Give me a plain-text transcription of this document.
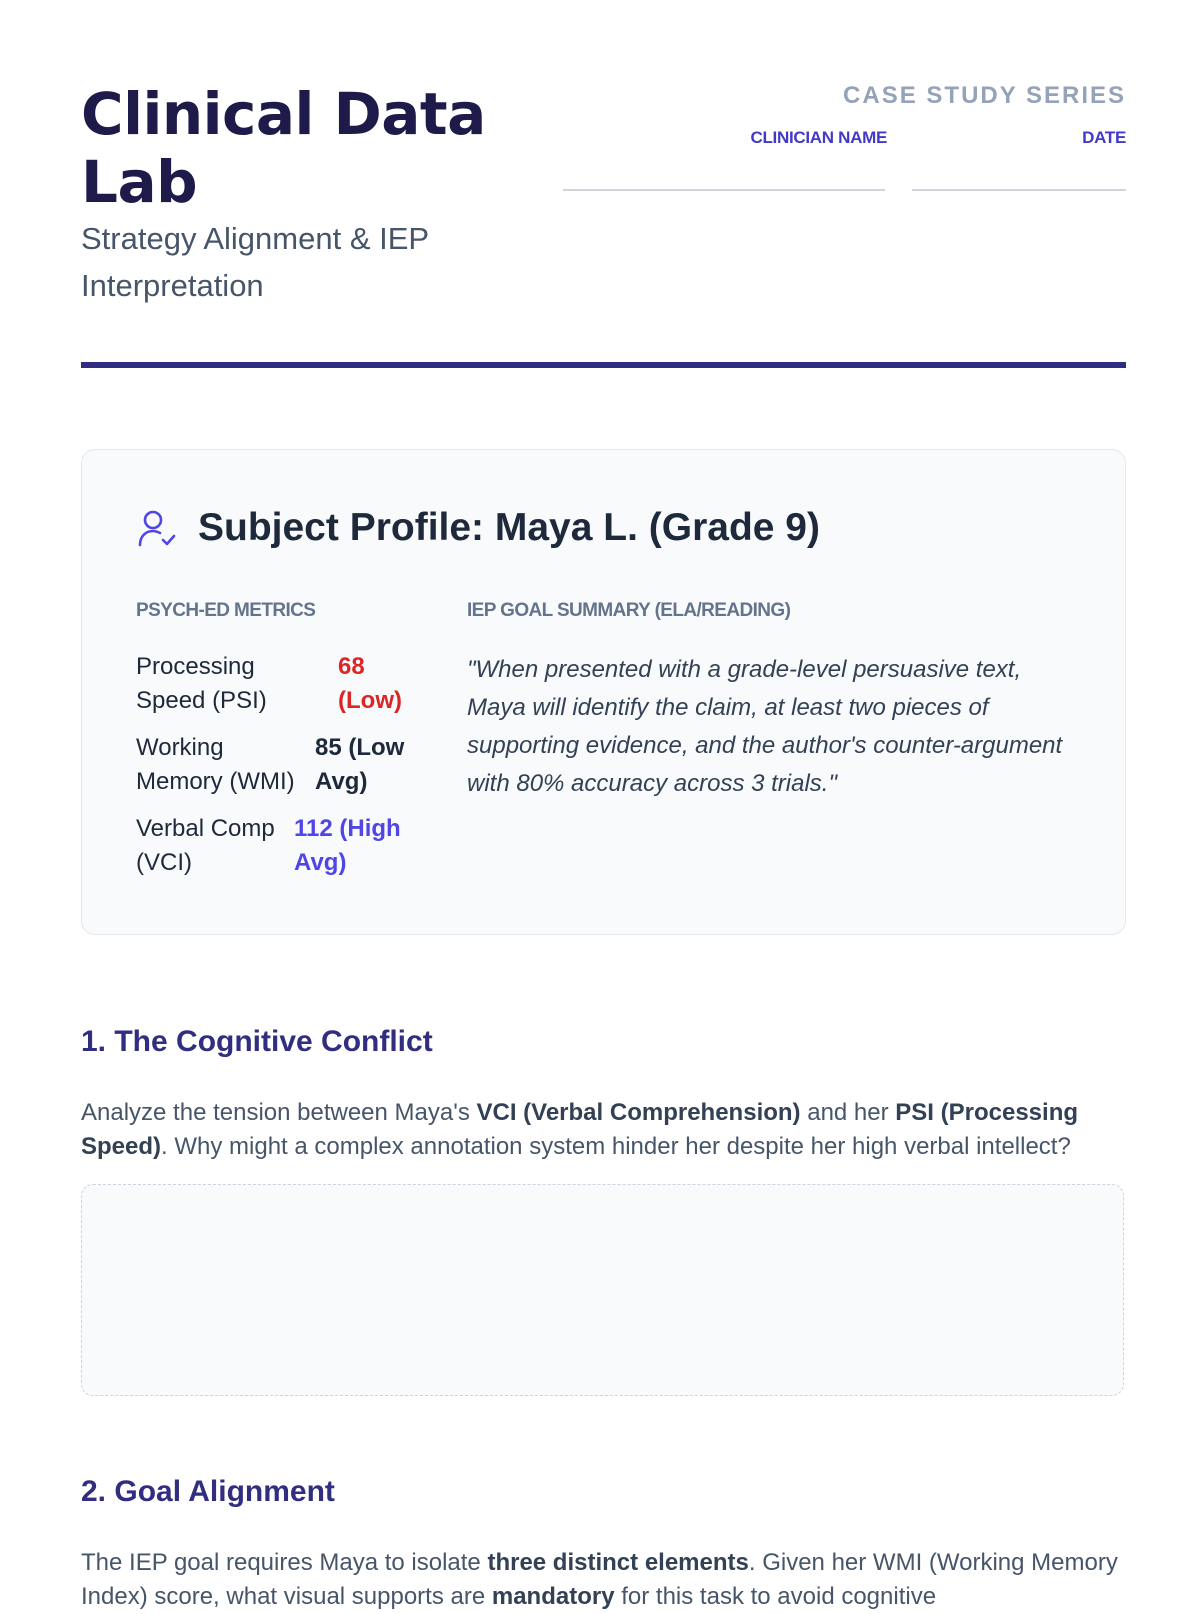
Clinical Data Lab

Strategy Alignment & IEP Interpretation

CASE STUDY SERIES
CLINICIAN NAME	DATE
Subject Profile: Maya L. (Grade 9)
PSYCH-ED METRICS	IEP GOAL SUMMARY (ELA/READING)
Processing
Speed (PSI)
68
(Low)
Working
Memory (WMI)
85 (Low
Avg)
Verbal Comp
(VCI)
112 (High
Avg)

"When presented with a grade-level persuasive text, Maya will identify the claim, at least two pieces of supporting evidence, and the author's counter-argument with 80% accuracy across 3 trials."

1. The Cognitive Conflict

Analyze the tension between Maya's VCI (Verbal Comprehension) and her PSI (Processing Speed). Why might a complex annotation system hinder her despite her high verbal intellect?

2. Goal Alignment

The IEP goal requires Maya to isolate three distinct elements. Given her WMI (Working Memory Index) score, what visual supports are mandatory for this task to avoid cognitive
